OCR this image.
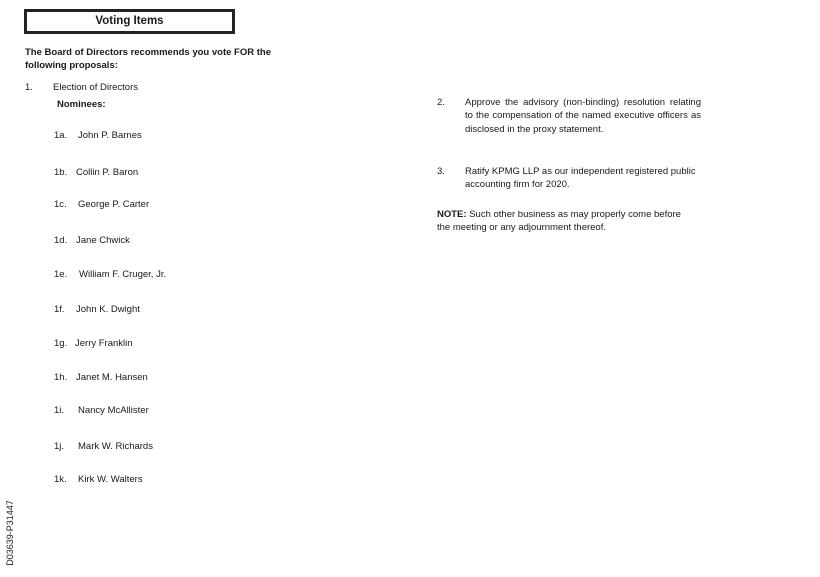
Voting Items
The Board of Directors recommends you vote FOR the following proposals:
1. Election of Directors
Nominees:
1a. John P. Barnes
1b. Collin P. Baron
1c. George P. Carter
1d. Jane Chwick
1e. William F. Cruger, Jr.
1f. John K. Dwight
1g. Jerry Franklin
1h. Janet M. Hansen
1i. Nancy McAllister
1j. Mark W. Richards
1k. Kirk W. Walters
2. Approve the advisory (non-binding) resolution relating to the compensation of the named executive officers as disclosed in the proxy statement.
3. Ratify KPMG LLP as our independent registered public accounting firm for 2020.
NOTE: Such other business as may properly come before the meeting or any adjournment thereof.
D03639-P31447
